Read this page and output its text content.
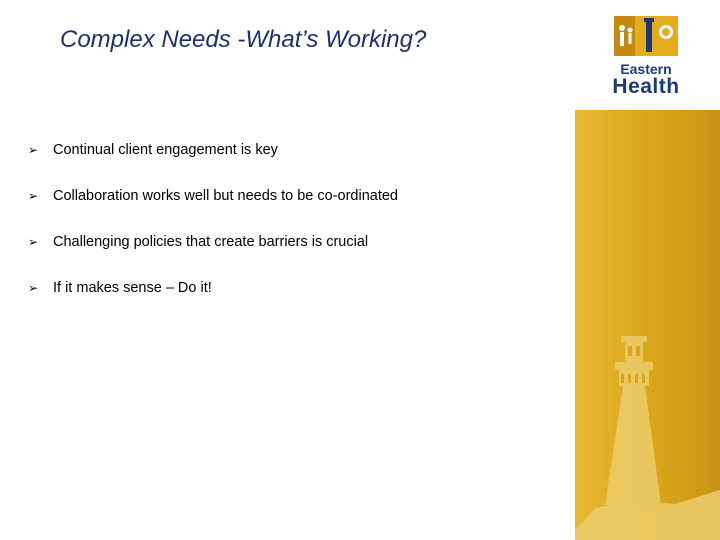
Complex Needs -What’s Working?
Eastern
Health
➢ Continual client engagement is key
➢ Collaboration works well but needs to be co-ordinated
➢ Challenging policies that create barriers is crucial
➢ If it makes sense – Do it!
